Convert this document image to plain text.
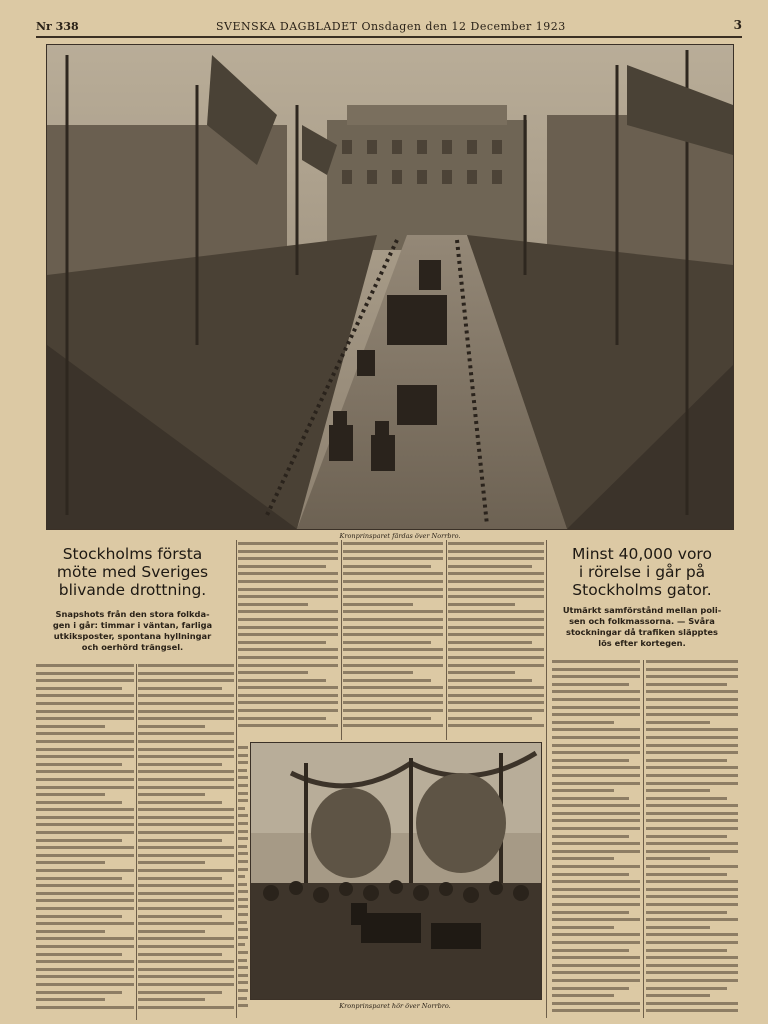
Nr 338	SVENSKA DAGBLADET Onsdagen den 12 December 1923	3
Kronprinsparet färdas över Norrbro.
Stockholms första
möte med Sveriges
blivande drottning.
Snapshots från den stora folkda-
gen i går: timmar i väntan, farliga
utkiksposter, spontana hyllningar
och oerhörd trängsel.
Minst 40,000 voro
i rörelse i går på
Stockholms gator.
Utmärkt samförstånd mellan poli-
sen och folkmassorna. — Svåra
stockningar då trafiken släpptes
lös efter kortegen.
Kronprinsparet hör över Norrbro.
